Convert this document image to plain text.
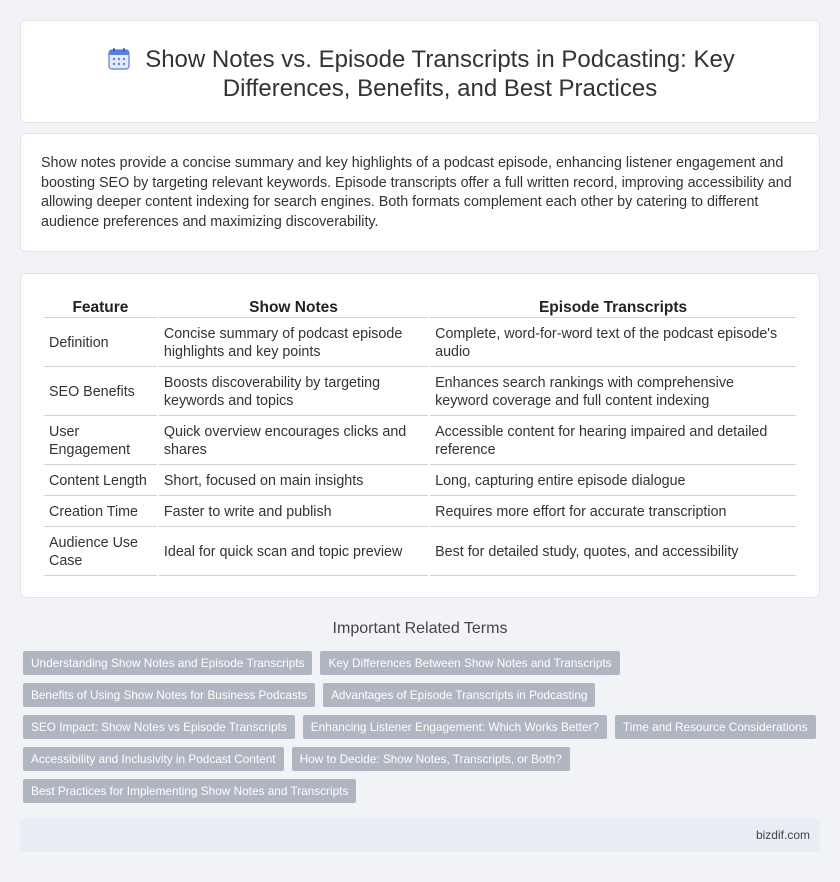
Show Notes vs. Episode Transcripts in Podcasting: Key Differences, Benefits, and Best Practices

Show notes provide a concise summary and key highlights of a podcast episode, enhancing listener engagement and boosting SEO by targeting relevant keywords. Episode transcripts offer a full written record, improving accessibility and allowing deeper content indexing for search engines. Both formats complement each other by catering to different audience preferences and maximizing discoverability.

Feature	Show Notes	Episode Transcripts
Definition	Concise summary of podcast episode highlights and key points	Complete, word-for-word text of the podcast episode's audio
SEO Benefits	Boosts discoverability by targeting keywords and topics	Enhances search rankings with comprehensive keyword coverage and full content indexing
User Engagement	Quick overview encourages clicks and shares	Accessible content for hearing impaired and detailed reference
Content Length	Short, focused on main insights	Long, capturing entire episode dialogue
Creation Time	Faster to write and publish	Requires more effort for accurate transcription
Audience Use Case	Ideal for quick scan and topic preview	Best for detailed study, quotes, and accessibility
Important Related Terms
Understanding Show Notes and Episode Transcripts	Key Differences Between Show Notes and Transcripts
Benefits of Using Show Notes for Business Podcasts	Advantages of Episode Transcripts in Podcasting
SEO Impact: Show Notes vs Episode Transcripts	Enhancing Listener Engagement: Which Works Better?	Time and Resource Considerations
Accessibility and Inclusivity in Podcast Content	How to Decide: Show Notes, Transcripts, or Both?
Best Practices for Implementing Show Notes and Transcripts
bizdif.com
